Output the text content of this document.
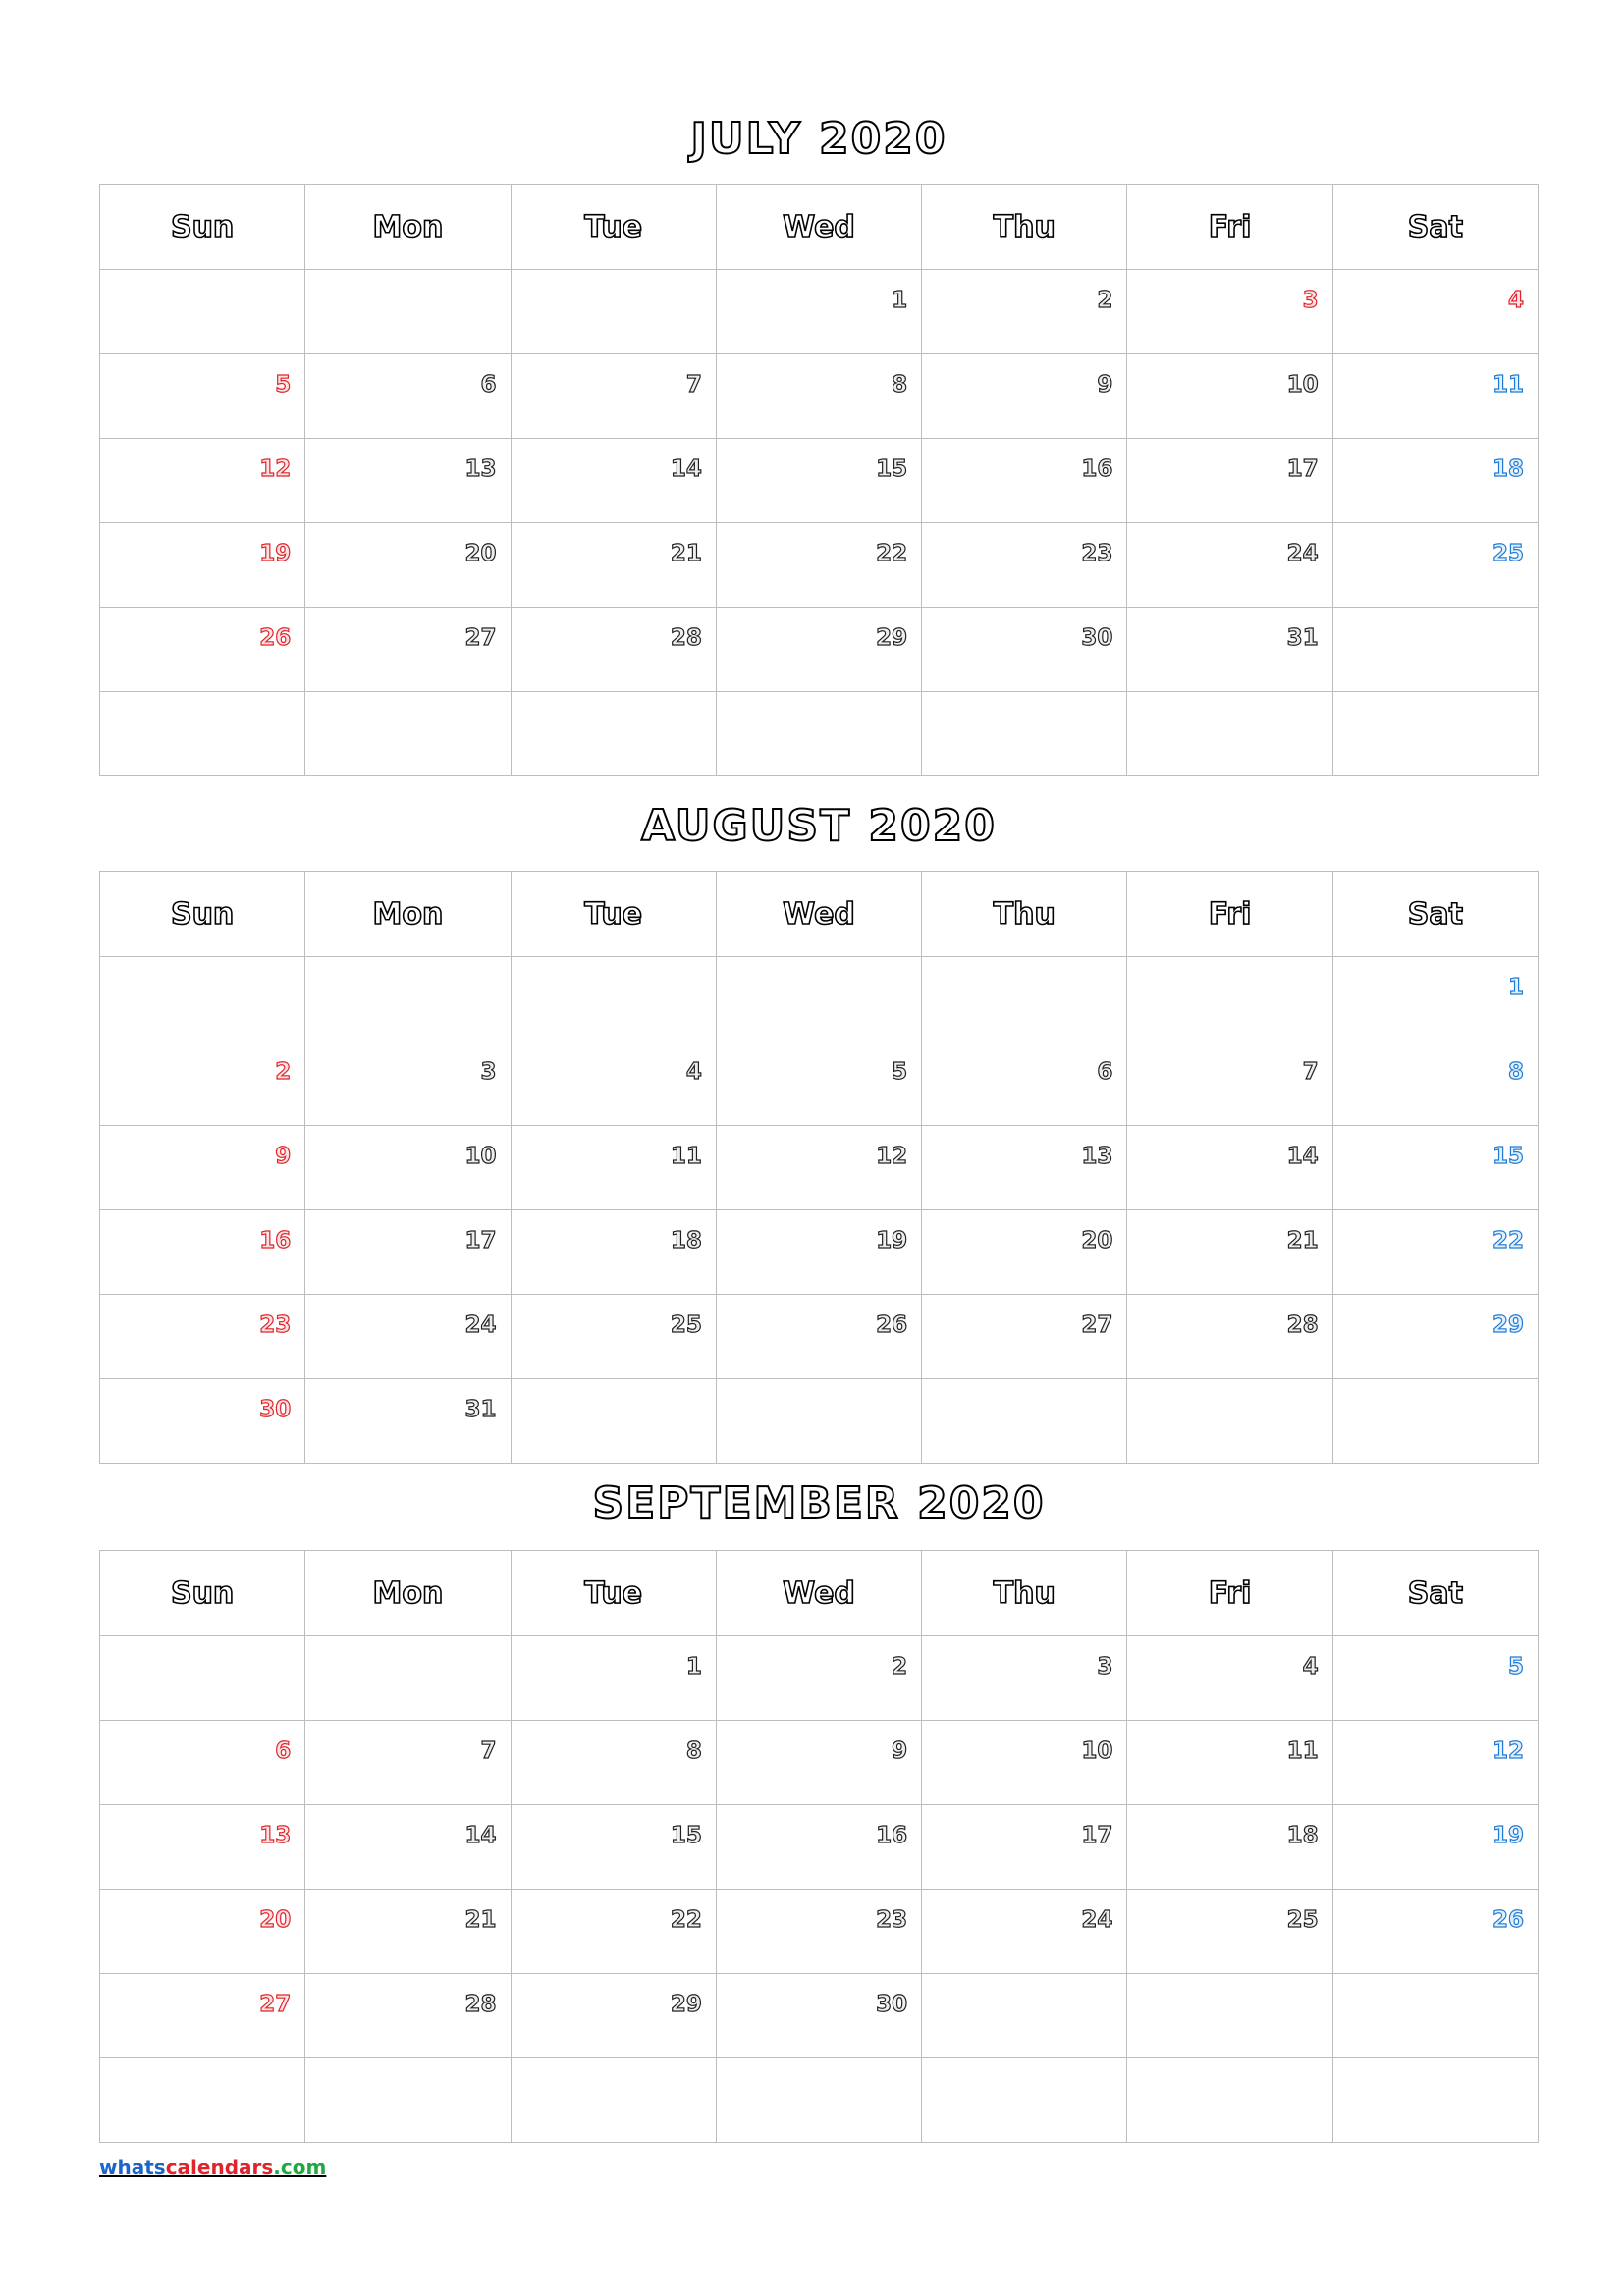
JULY 2020
Sun	Mon	Tue	Wed	Thu	Fri	Sat
			1	2	3	4
5	6	7	8	9	10	11
12	13	14	15	16	17	18
19	20	21	22	23	24	25
26	27	28	29	30	31	

AUGUST 2020
Sun	Mon	Tue	Wed	Thu	Fri	Sat
						1
2	3	4	5	6	7	8
9	10	11	12	13	14	15
16	17	18	19	20	21	22
23	24	25	26	27	28	29
30	31					
SEPTEMBER 2020
Sun	Mon	Tue	Wed	Thu	Fri	Sat
		1	2	3	4	5
6	7	8	9	10	11	12
13	14	15	16	17	18	19
20	21	22	23	24	25	26
27	28	29	30			

whatscalendars.com
